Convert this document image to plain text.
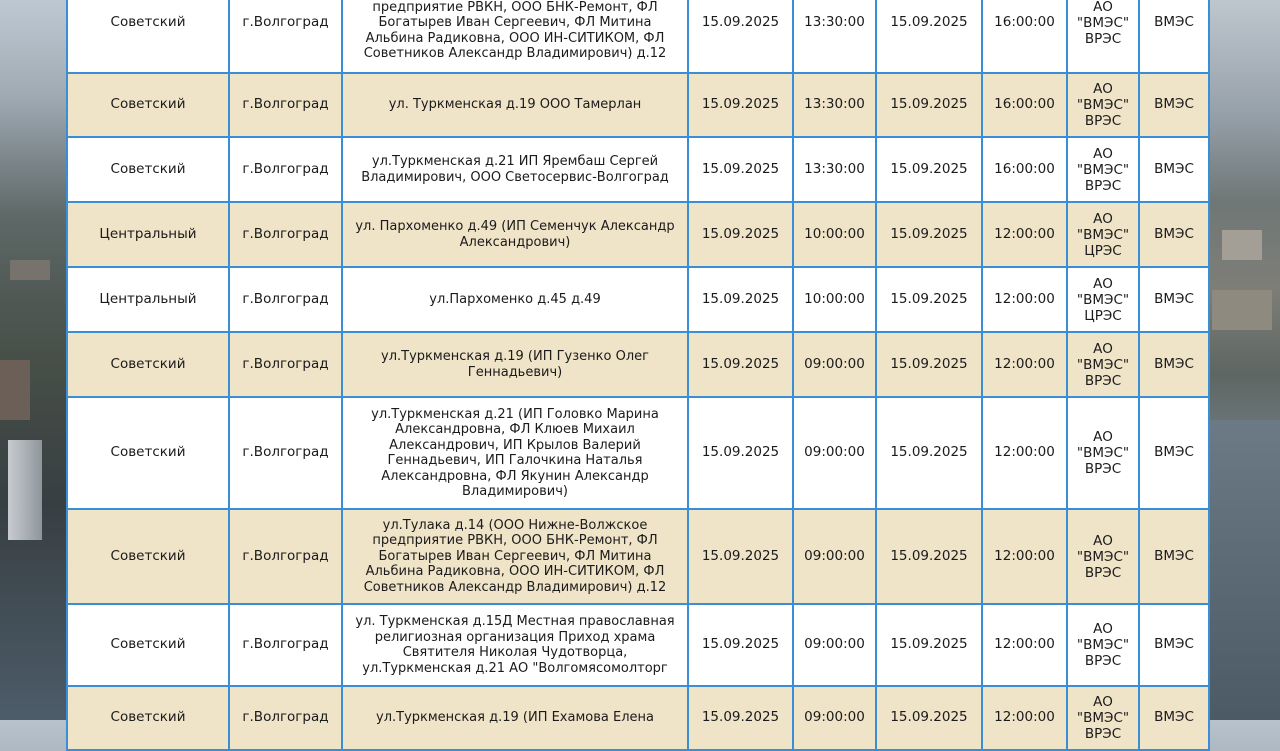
Советский	г.Волгоград	предприятие РВКН, ООО БНК-Ремонт, ФЛ Богатырев Иван Сергеевич, ФЛ Митина Альбина Радиковна, ООО ИН-СИТИКОМ, ФЛ Советников Александр Владимирович) д.12	15.09.2025	13:30:00	15.09.2025	16:00:00	АО "ВМЭС" ВРЭС	ВМЭС
Советский	г.Волгоград	ул. Туркменская д.19 ООО Тамерлан	15.09.2025	13:30:00	15.09.2025	16:00:00	АО "ВМЭС" ВРЭС	ВМЭС
Советский	г.Волгоград	ул.Туркменская д.21 ИП Ярембаш Сергей Владимирович, ООО Светосервис-Волгоград	15.09.2025	13:30:00	15.09.2025	16:00:00	АО "ВМЭС" ВРЭС	ВМЭС
Центральный	г.Волгоград	ул. Пархоменко д.49 (ИП Семенчук Александр Александрович)	15.09.2025	10:00:00	15.09.2025	12:00:00	АО "ВМЭС" ЦРЭС	ВМЭС
Центральный	г.Волгоград	ул.Пархоменко д.45 д.49	15.09.2025	10:00:00	15.09.2025	12:00:00	АО "ВМЭС" ЦРЭС	ВМЭС
Советский	г.Волгоград	ул.Туркменская д.19 (ИП Гузенко Олег Геннадьевич)	15.09.2025	09:00:00	15.09.2025	12:00:00	АО "ВМЭС" ВРЭС	ВМЭС
Советский	г.Волгоград	ул.Туркменская д.21 (ИП Головко Марина Александровна, ФЛ Клюев Михаил Александрович, ИП Крылов Валерий Геннадьевич, ИП Галочкина Наталья Александровна, ФЛ Якунин Александр Владимирович)	15.09.2025	09:00:00	15.09.2025	12:00:00	АО "ВМЭС" ВРЭС	ВМЭС
Советский	г.Волгоград	ул.Тулака д.14 (ООО Нижне-Волжское предприятие РВКН, ООО БНК-Ремонт, ФЛ Богатырев Иван Сергеевич, ФЛ Митина Альбина Радиковна, ООО ИН-СИТИКОМ, ФЛ Советников Александр Владимирович) д.12	15.09.2025	09:00:00	15.09.2025	12:00:00	АО "ВМЭС" ВРЭС	ВМЭС
Советский	г.Волгоград	ул. Туркменская д.15Д Местная православная религиозная организация Приход храма Святителя Николая Чудотворца, ул.Туркменская д.21 АО "Волгомясомолторг	15.09.2025	09:00:00	15.09.2025	12:00:00	АО "ВМЭС" ВРЭС	ВМЭС
Советский	г.Волгоград	ул.Туркменская д.19 (ИП Ехамова Елена	15.09.2025	09:00:00	15.09.2025	12:00:00	АО "ВМЭС" ВРЭС	ВМЭС
